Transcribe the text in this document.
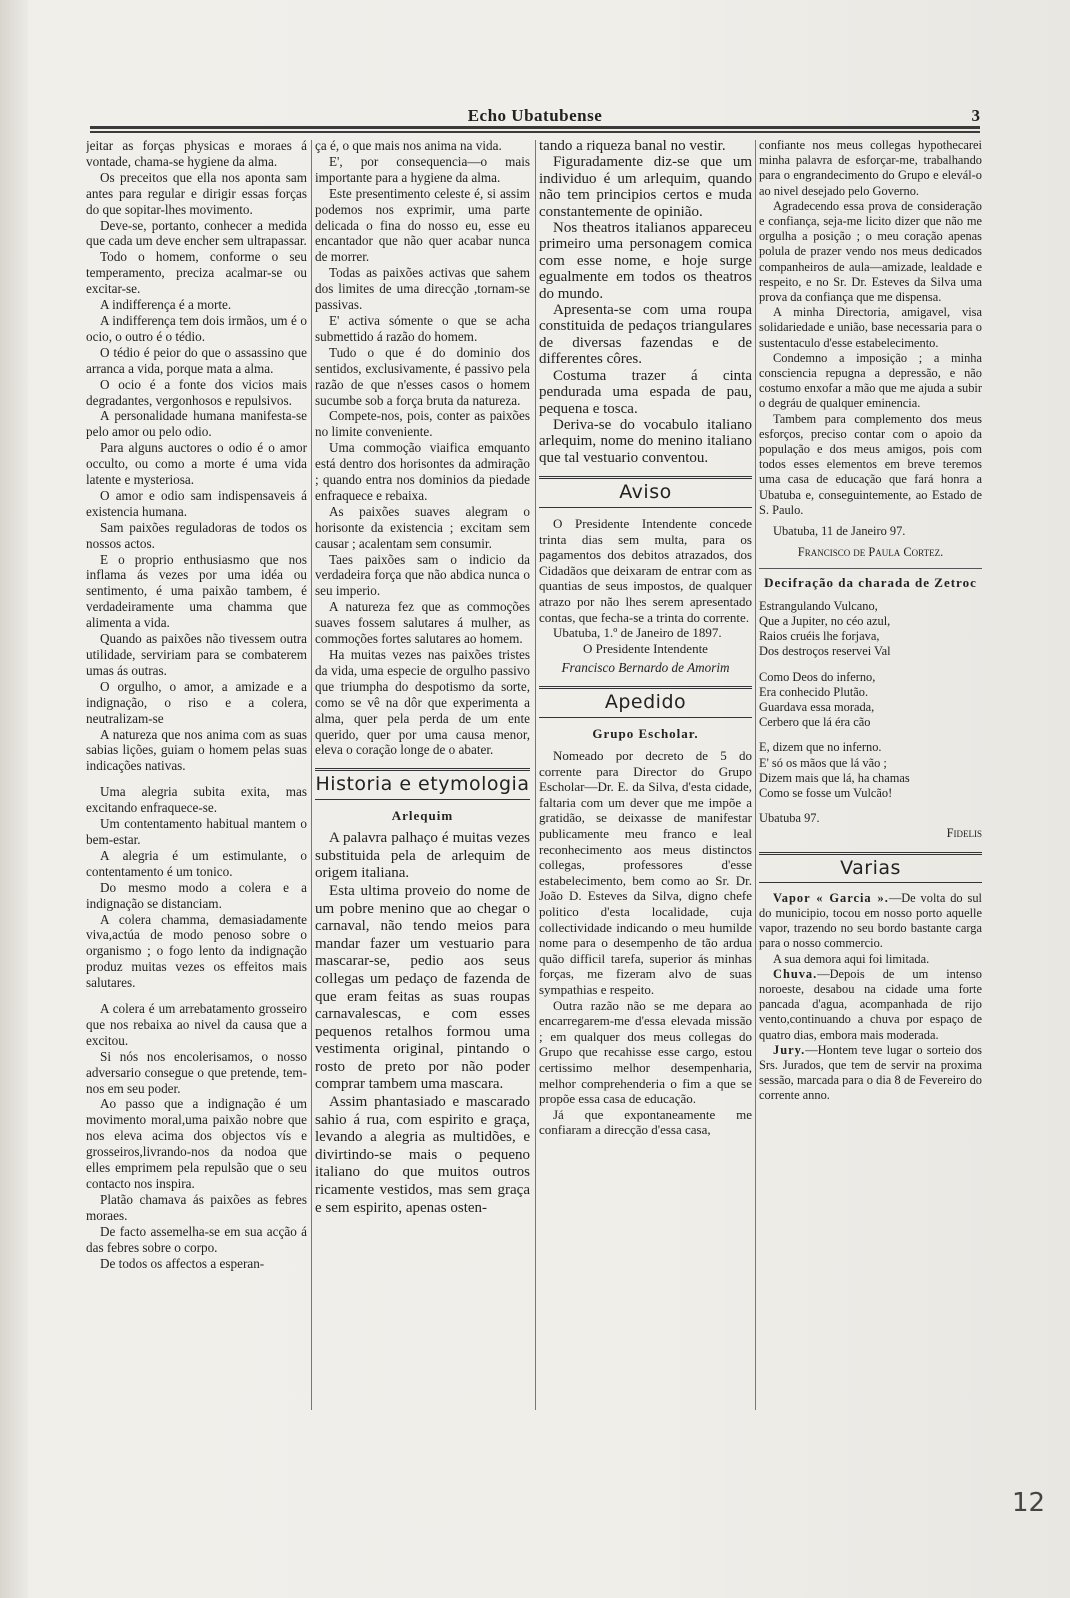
Echo Ubatubense	3

jeitar as forças physicas e moraes á vontade, chama-se hygiene da alma.

Os preceitos que ella nos aponta sam antes para regular e dirigir essas forças do que sopitar-lhes movimento.

Deve-se, portanto, conhecer a medida que cada um deve encher sem ultrapassar.

Todo o homem, conforme o seu temperamento, preciza acalmar-se ou excitar-se.

A indifferença é a morte.

A indifferença tem dois irmãos, um é o ocio, o outro é o tédio.

O tédio é peior do que o assassino que arranca a vida, porque mata a alma.

O ocio é a fonte dos vicios mais degradantes, vergonhosos e repulsivos.

A personalidade humana manifesta-se pelo amor ou pelo odio.

Para alguns auctores o odio é o amor occulto, ou como a morte é uma vida latente e mysteriosa.

O amor e odio sam indispensaveis á existencia humana.

Sam paixões reguladoras de todos os nossos actos.

E o proprio enthusiasmo que nos inflama ás vezes por uma idéa ou sentimento, é uma paixão tambem, é verdadeiramente uma chamma que alimenta a vida.

Quando as paixões não tivessem outra utilidade, serviriam para se combaterem umas ás outras.

O orgulho, o amor, a amizade e a indignação, o riso e a colera, neutralizam-se

A natureza que nos anima com as suas sabias lições, guiam o homem pelas suas indicações nativas.

Uma alegria subita exita, mas excitando enfraquece-se.

Um contentamento habitual mantem o bem-estar.

A alegria é um estimulante, o contentamento é um tonico.

Do mesmo modo a colera e a indignação se distanciam.

A colera chamma, demasiadamente viva,actúa de modo penoso sobre o organismo ; o fogo lento da indignação produz muitas vezes os effeitos mais salutares.

A colera é um arrebatamento grosseiro que nos rebaixa ao nivel da causa que a excitou.

Si nós nos encolerisamos, o nosso adversario consegue o que pretende, tem-nos em seu poder.

Ao passo que a indignação é um movimento moral,uma paixão nobre que nos eleva acima dos objectos vís e grosseiros,livrando-nos da nodoa que elles emprimem pela repulsão que o seu contacto nos inspira.

Platão chamava ás paixões as febres moraes.

De facto assemelha-se em sua acção á das febres sobre o corpo.

De todos os affectos a esperan-

ça é, o que mais nos anima na vida.

E', por consequencia—o mais importante para a hygiene da alma.

Este presentimento celeste é, si assim podemos nos exprimir, uma parte delicada o fina do nosso eu, esse eu encantador que não quer acabar nunca de morrer.

Todas as paixões activas que sahem dos limites de uma direcção ,tornam-se passivas.

E' activa sómente o que se acha submettido á razão do homem.

Tudo o que é do dominio dos sentidos, exclusivamente, é passivo pela razão de que n'esses casos o homem sucumbe sob a força bruta da natureza.

Compete-nos, pois, conter as paixões no limite conveniente.

Uma commoção viaifica emquanto está dentro dos horisontes da admiração ; quando entra nos dominios da piedade enfraquece e rebaixa.

As paixões suaves alegram o horisonte da existencia ; excitam sem causar ; acalentam sem consumir.

Taes paixões sam o indicio da verdadeira força que não abdica nunca o seu imperio.

A natureza fez que as commoções suaves fossem salutares á mulher, as commoções fortes salutares ao homem.

Ha muitas vezes nas paixões tristes da vida, uma especie de orgulho passivo que triumpha do despotismo da sorte, como se vê na dôr que experimenta a alma, quer pela perda de um ente querido, quer por uma causa menor, eleva o coração longe de o abater.

Historia e etymologia
Arlequim

A palavra palhaço é muitas vezes substituida pela de arlequim de origem italiana.

Esta ultima proveio do nome de um pobre menino que ao chegar o carnaval, não tendo meios para mandar fazer um vestuario para mascarar-se, pedio aos seus collegas um pedaço de fazenda de que eram feitas as suas roupas carnavalescas, e com esses pequenos retalhos formou uma vestimenta original, pintando o rosto de preto por não poder comprar tambem uma mascara.

Assim phantasiado e mascarado sahio á rua, com espirito e graça, levando a alegria as multidões, e divirtindo-se mais o pequeno italiano do que muitos outros ricamente vestidos, mas sem graça e sem espirito, apenas osten-

tando a riqueza banal no vestir.

Figuradamente diz-se que um individuo é um arlequim, quando não tem principios certos e muda constantemente de opinião.

Nos theatros italianos appareceu primeiro uma personagem comica com esse nome, e hoje surge egualmente em todos os theatros do mundo.

Apresenta-se com uma roupa constituida de pedaços triangulares de diversas fazendas e de differentes côres.

Costuma trazer á cinta pendurada uma espada de pau, pequena e tosca.

Deriva-se do vocabulo italiano arlequim, nome do menino italiano que tal vestuario conventou.

Aviso

O Presidente Intendente concede trinta dias sem multa, para os pagamentos dos debitos atrazados, dos Cidadãos que deixaram de entrar com as quantias de seus impostos, de qualquer atrazo por não lhes serem apresentado contas, que fecha-se a trinta do corrente.

Ubatuba, 1.º de Janeiro de 1897.

O Presidente Intendente

Francisco Bernardo de Amorim
Apedido
Grupo Escholar.

Nomeado por decreto de 5 do corrente para Director do Grupo Escholar—Dr. E. da Silva, d'esta cidade, faltaria com um dever que me impõe a gratidão, se deixasse de manifestar publicamente meu franco e leal reconhecimento aos meus distinctos collegas, professores d'esse estabelecimento, bem como ao Sr. Dr. João D. Esteves da Silva, digno chefe politico d'esta localidade, cuja collectividade indicando o meu humilde nome para o desempenho de tão ardua quão difficil tarefa, superior ás minhas forças, me fizeram alvo de suas sympathias e respeito.

Outra razão não se me depara ao encarregarem-me d'essa elevada missão ; em qualquer dos meus collegas do Grupo que recahisse esse cargo, estou certissimo melhor desempenharia, melhor comprehenderia o fim a que se propõe essa casa de educação.

Já que expontaneamente me confiaram a direcção d'essa casa,

confiante nos meus collegas hypothecarei minha palavra de esforçar-me, trabalhando para o engrandecimento do Grupo e elevál-o ao nivel desejado pelo Governo.

Agradecendo essa prova de consideração e confiança, seja-me licito dizer que não me orgulha a posição ; o meu coração apenas polula de prazer vendo nos meus dedicados companheiros de aula—amizade, lealdade e respeito, e no Sr. Dr. Esteves da Silva uma prova da confiança que me dispensa.

A minha Directoria, amigavel, visa solidariedade e união, base necessaria para o sustentaculo d'esse estabelecimento.

Condemno a imposição ; a minha consciencia repugna a depressão, e não costumo enxofar a mão que me ajuda a subir o degráu de qualquer eminencia.

Tambem para complemento dos meus esforços, preciso contar com o apoio da população e dos meus amigos, pois com todos esses elementos em breve teremos uma casa de educação que fará honra a Ubatuba e, conseguintemente, ao Estado de S. Paulo.

Ubatuba, 11 de Janeiro 97.

Francisco de Paula Cortez.

Decifração da charada de Zetroc

Estrangulando Vulcano,

Que a Jupiter, no céo azul,

Raios cruéis lhe forjava,

Dos destroços reservei Val

Como Deos do inferno,

Era conhecido Plutão.

Guardava essa morada,

Cerbero que lá éra cão

E, dizem que no inferno.

E' só os mãos que lá vão ;

Dizem mais que lá, ha chamas

Como se fosse um Vulcão!

Ubatuba 97.

Fidelis

Varias

Vapor « Garcia ».—De volta do sul do municipio, tocou em nosso porto aquelle vapor, trazendo no seu bordo bastante carga para o nosso commercio.

A sua demora aqui foi limitada.

Chuva.—Depois de um intenso noroeste, desabou na cidade uma forte pancada d'agua, acompanhada de rijo vento,continuando a chuva por espaço de quatro dias, embora mais moderada.

Jury.—Hontem teve lugar o sorteio dos Srs. Jurados, que tem de servir na proxima sessão, marcada para o dia 8 de Fevereiro do corrente anno.

12
